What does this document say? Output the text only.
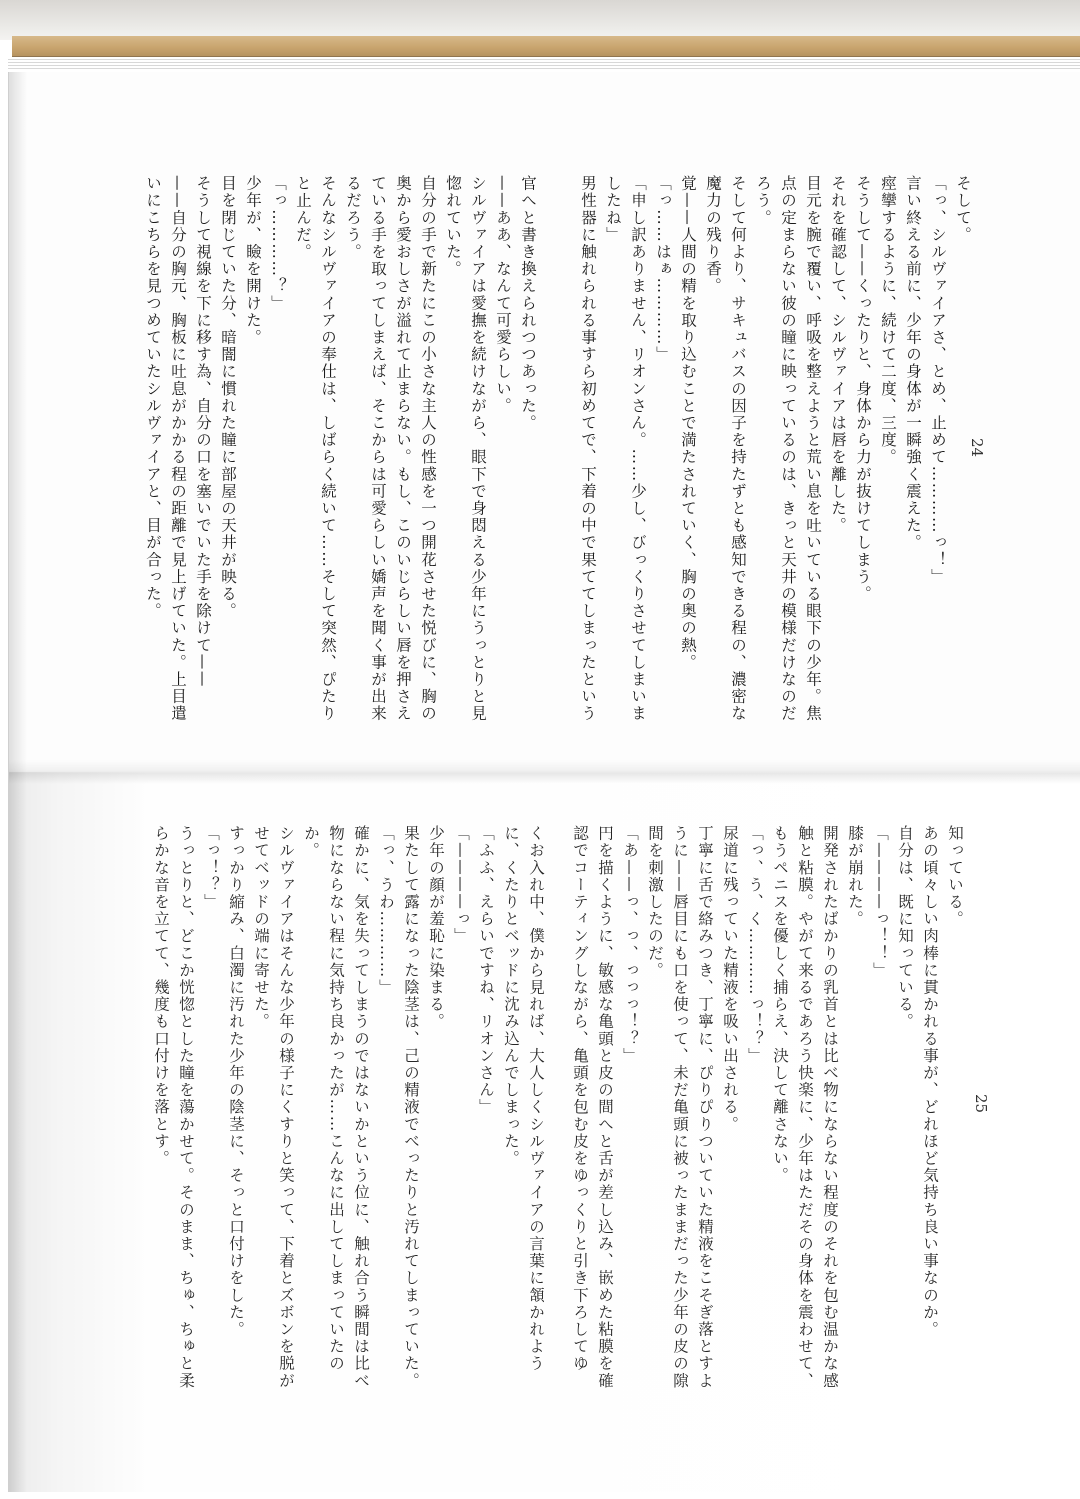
そして。
「っ、シルヴァイアさ、とめ、止めて…………っ！」
言い終える前に、少年の身体が一瞬強く震えた。
痙攣するように、続けて二度、三度。
そうして——くったりと、身体から力が抜けてしまう。
それを確認して、シルヴァイアは唇を離した。
目元を腕で覆い、呼吸を整えようと荒い息を吐いている眼下の少年。焦点の定まらない彼の瞳に映っているのは、きっと天井の模様だけなのだろう。
そして何より、サキュバスの因子を持たずとも感知できる程の、濃密な魔力の残り香。
覚——人間の精を取り込むことで満たされていく、胸の奥の熱。
「っ……はぁ…………」
「申し訳ありません、リオンさん。……少し、びっくりさせてしまいましたね」
男性器に触れられる事すら初めてで、下着の中で果ててしまったという

官へと書き換えられつつあった。
——ああ、なんて可愛らしい。
シルヴァイアは愛撫を続けながら、眼下で身悶える少年にうっとりと見惚れていた。
自分の手で新たにこの小さな主人の性感を一つ開花させた悦びに、胸の奥から愛おしさが溢れて止まらない。もし、このいじらしい唇を押さえている手を取ってしまえば、そこからは可愛らしい嬌声を聞く事が出来るだろう。
そんなシルヴァイアの奉仕は、しばらく続いて……そして突然、ぴたりと止んだ。
「っ…………？」
少年が、瞼を開けた。
目を閉じていた分、暗闇に慣れた瞳に部屋の天井が映る。
そうして視線を下に移す為、自分の口を塞いでいた手を除けて——
——自分の胸元、胸板に吐息がかかる程の距離で見上げていた。上目遣いにこちらを見つめていたシルヴァイアと、目が合った。	24
知っている。
あの頃々しい肉棒に貫かれる事が、どれほど気持ち良い事なのか。
自分は、既に知っている。
「————っ！！」
膝が崩れた。
開発されたばかりの乳首とは比べ物にならない程度のそれを包む温かな感触と粘膜。やがて来るであろう快楽に、少年はただその身体を震わせて、もうペニスを優しく捕らえ、決して離さない。
「っ、う、く…………っ！？」
尿道に残っていた精液を吸い出される。
丁寧に舌で絡みつき、丁寧に、ぴりぴりついていた精液をこそぎ落とすように——唇目にも口を使って、未だ亀頭に被ったままだった少年の皮の隙間を刺激したのだ。
「あ——っ、っ、っっっ！？」
円を描くように、敏感な亀頭と皮の間へと舌が差し込み、嵌めた粘膜を確認でコーティングしながら、亀頭を包む皮をゆっくりと引き下ろしてゆ

くお入れ中、僕から見れば、大人しくシルヴァイアの言葉に頷かれように、くたりとベッドに沈み込んでしまった。
「ふふ、えらいですね、リオンさん」
「————っ」
少年の顔が羞恥に染まる。
果たして露になった陰茎は、己の精液でべったりと汚れてしまっていた。
「っ、うわ…………」
確かに、気を失ってしまうのではないかという位に、触れ合う瞬間は比べ物にならない程に気持ち良かったが……こんなに出してしまっていたのか。
シルヴァイアはそんな少年の様子にくすりと笑って、下着とズボンを脱がせてベッドの端に寄せた。
すっかり縮み、白濁に汚れた少年の陰茎に、そっと口付けをした。
「っ！？」
うっとりと、どこか恍惚とした瞳を蕩かせて。そのまま、ちゅ、ちゅと柔らかな音を立てて、幾度も口付けを落とす。	25
